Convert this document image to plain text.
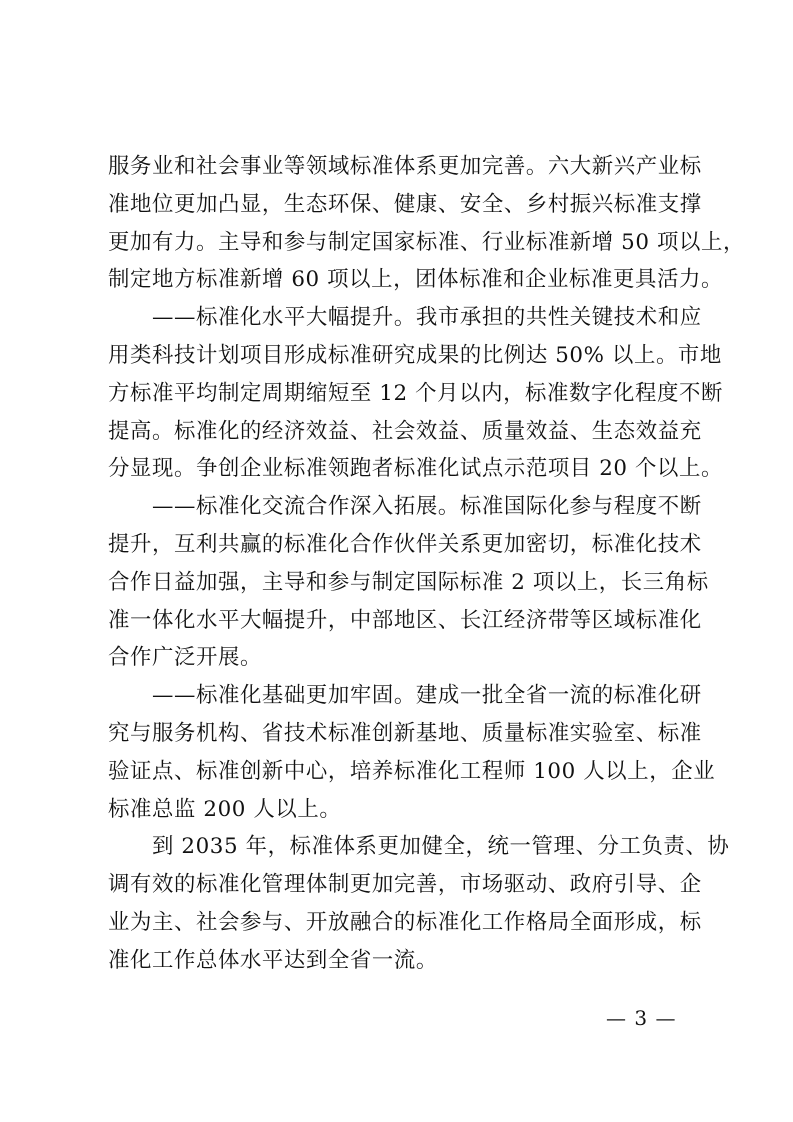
服务业和社会事业等领域标准体系更加完善。六大新兴产业标
准地位更加凸显，生态环保、健康、安全、乡村振兴标准支撑
更加有力。主导和参与制定国家标准、行业标准新增 50 项以上，
制定地方标准新增 60 项以上，团体标准和企业标准更具活力。
　　——标准化水平大幅提升。我市承担的共性关键技术和应
用类科技计划项目形成标准研究成果的比例达 50% 以上。市地
方标准平均制定周期缩短至 12 个月以内，标准数字化程度不断
提高。标准化的经济效益、社会效益、质量效益、生态效益充
分显现。争创企业标准领跑者标准化试点示范项目 20 个以上。
　　——标准化交流合作深入拓展。标准国际化参与程度不断
提升，互利共赢的标准化合作伙伴关系更加密切，标准化技术
合作日益加强，主导和参与制定国际标准 2 项以上，长三角标
准一体化水平大幅提升，中部地区、长江经济带等区域标准化
合作广泛开展。
　　——标准化基础更加牢固。建成一批全省一流的标准化研
究与服务机构、省技术标准创新基地、质量标准实验室、标准
验证点、标准创新中心，培养标准化工程师 100 人以上，企业
标准总监 200 人以上。
　　到 2035 年，标准体系更加健全，统一管理、分工负责、协
调有效的标准化管理体制更加完善，市场驱动、政府引导、企
业为主、社会参与、开放融合的标准化工作格局全面形成，标
准化工作总体水平达到全省一流。
— 3 —
